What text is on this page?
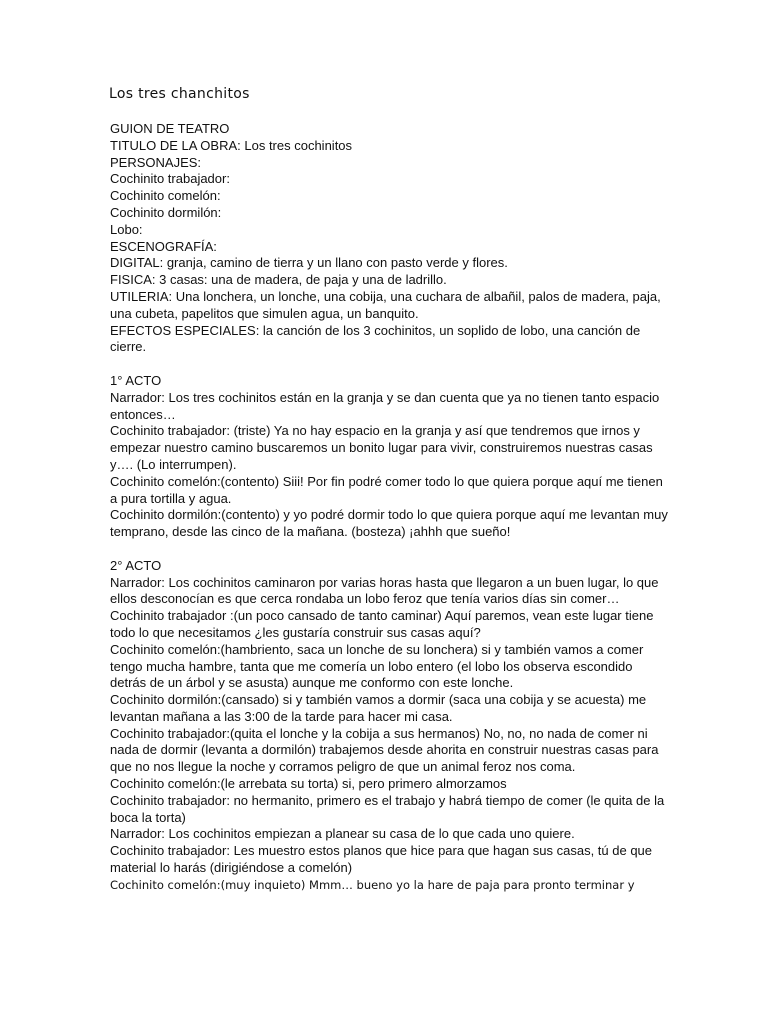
Los tres chanchitos

GUION DE TEATRO

TITULO DE LA OBRA: Los tres cochinitos

PERSONAJES:

Cochinito trabajador:

Cochinito comelón:

Cochinito dormilón:

Lobo:

ESCENOGRAFÍA:

DIGITAL: granja, camino de tierra y un llano con pasto verde y flores.

FISICA: 3 casas: una de madera, de paja y una de ladrillo.

UTILERIA: Una lonchera, un lonche, una cobija, una cuchara de albañil, palos de madera, paja, una cubeta, papelitos que simulen agua, un banquito.

EFECTOS ESPECIALES: la canción de los 3 cochinitos, un soplido de lobo, una canción de cierre.

1° ACTO

Narrador: Los tres cochinitos están en la granja y se dan cuenta que ya no tienen tanto espacio entonces…

Cochinito trabajador: (triste) Ya no hay espacio en la granja y así que tendremos que irnos y empezar nuestro camino buscaremos un bonito lugar para vivir, construiremos nuestras casas y…. (Lo interrumpen).

Cochinito comelón:(contento) Siii! Por fin podré comer todo lo que quiera porque aquí me tienen a pura tortilla y agua.

Cochinito dormilón:(contento) y yo podré dormir todo lo que quiera porque aquí me levantan muy temprano, desde las cinco de la mañana. (bosteza) ¡ahhh que sueño!

2° ACTO

Narrador: Los cochinitos caminaron por varias horas hasta que llegaron a un buen lugar, lo que ellos desconocían es que cerca rondaba un lobo feroz que tenía varios días sin comer…

Cochinito trabajador :(un poco cansado de tanto caminar) Aquí paremos, vean este lugar tiene todo lo que necesitamos ¿les gustaría construir sus casas aquí?

Cochinito comelón:(hambriento, saca un lonche de su lonchera) si y también vamos a comer tengo mucha hambre, tanta que me comería un lobo entero (el lobo los observa escondido detrás de un árbol y se asusta) aunque me conformo con este lonche.

Cochinito dormilón:(cansado) si y también vamos a dormir (saca una cobija y se acuesta) me levantan mañana a las 3:00 de la tarde para hacer mi casa.

Cochinito trabajador:(quita el lonche y la cobija a sus hermanos) No, no, no nada de comer ni nada de dormir (levanta a dormilón) trabajemos desde ahorita en construir nuestras casas para que no nos llegue la noche y corramos peligro de que un animal feroz nos coma.

Cochinito comelón:(le arrebata su torta) si, pero primero almorzamos

Cochinito trabajador: no hermanito, primero es el trabajo y habrá tiempo de comer (le quita de la boca la torta)

Narrador: Los cochinitos empiezan a planear su casa de lo que cada uno quiere.

Cochinito trabajador: Les muestro estos planos que hice para que hagan sus casas, tú de que material lo harás (dirigiéndose a comelón)

Cochinito comelón:(muy inquieto) Mmm… bueno yo la hare de paja para pronto terminar y
